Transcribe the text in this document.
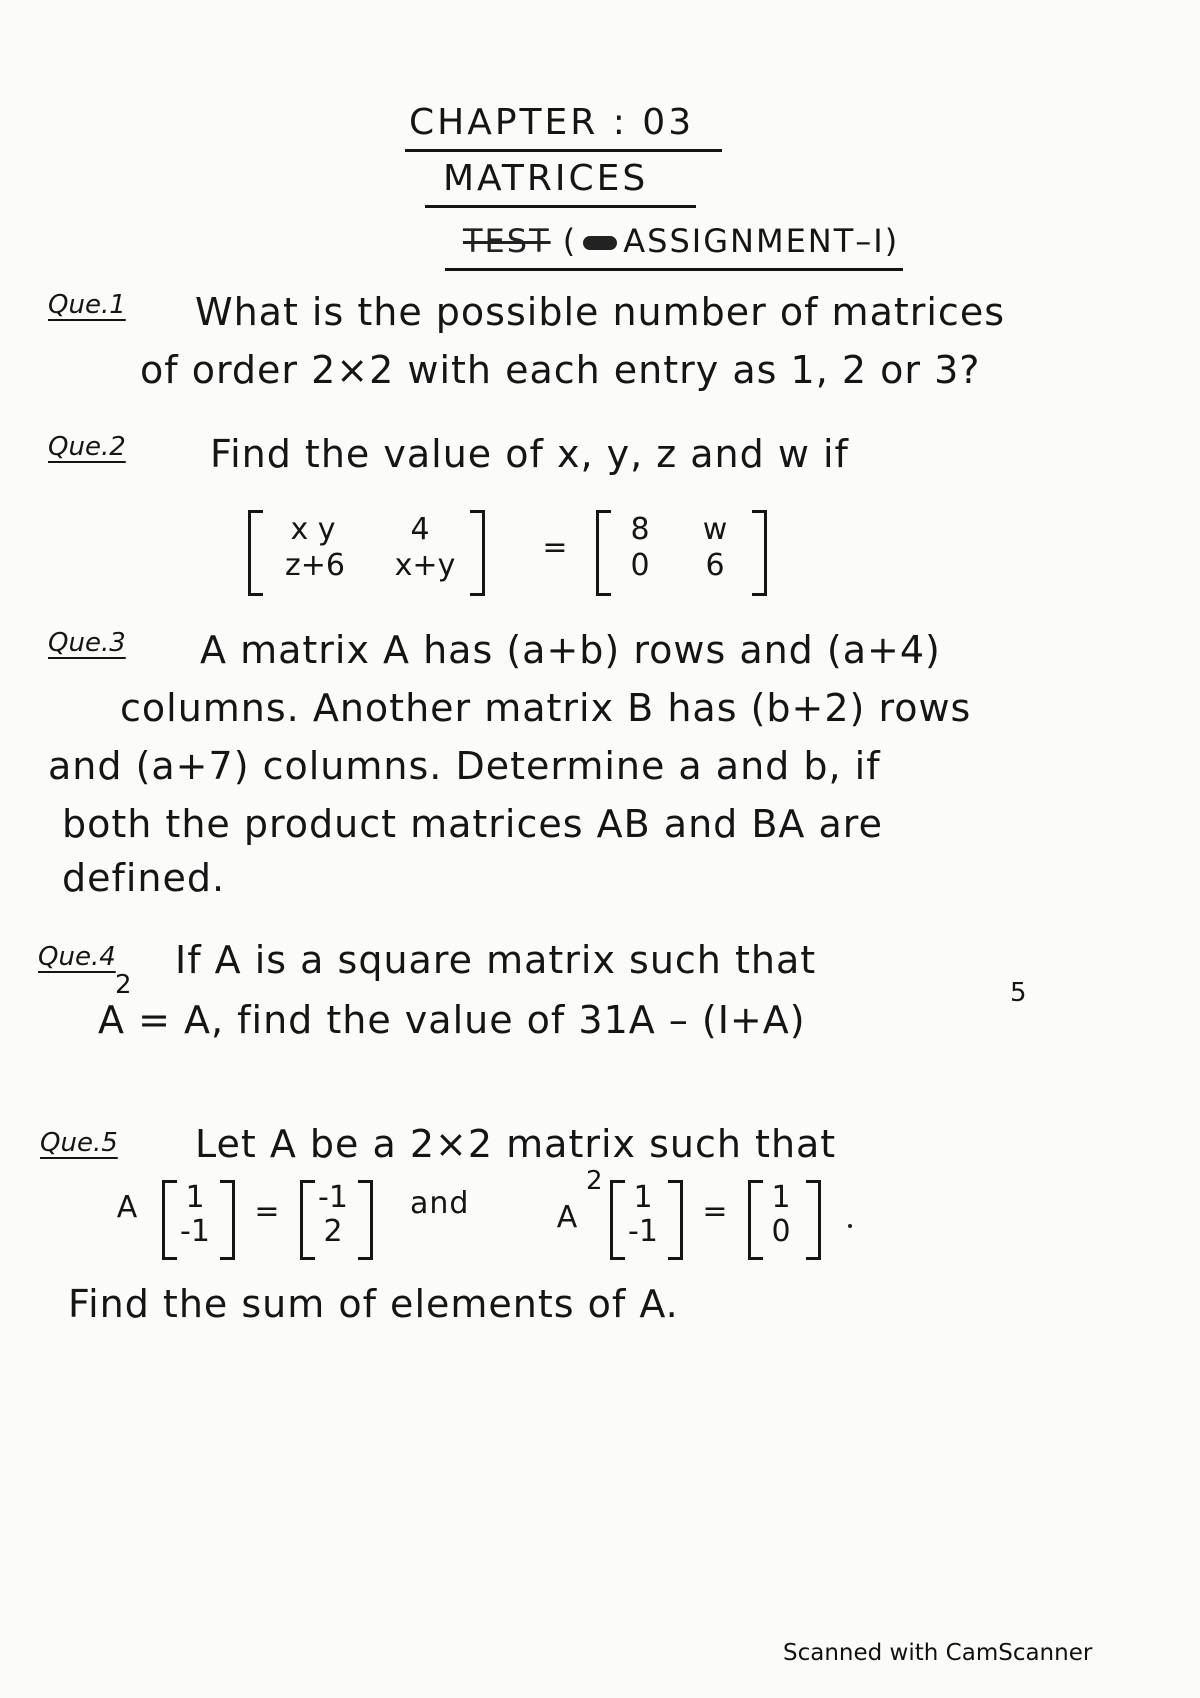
CHAPTER : 03
MATRICES
TEST ( ASSIGNMENT–I)
Que.1 What is the possible number of matrices
of order 2×2 with each entry as 1, 2 or 3?
Que.2 Find the value of x, y, z and w if
x y	4
z+6	x+y
=
8	w
0	6
Que.3 A matrix A has (a+b) rows and (a+4)
columns. Another matrix B has (b+2) rows
and (a+7) columns. Determine a and b, if
both the product matrices AB and BA are
defined.
Que.4 If A is a square matrix such that
2
A = A, find the value of 31A – (I+A)
5
Que.5 Let A be a 2×2 matrix such that
A	1
-1
=	-1
2
and	A
2	1
-1
=	1
0
Find the sum of elements of A.
Scanned with CamScanner
